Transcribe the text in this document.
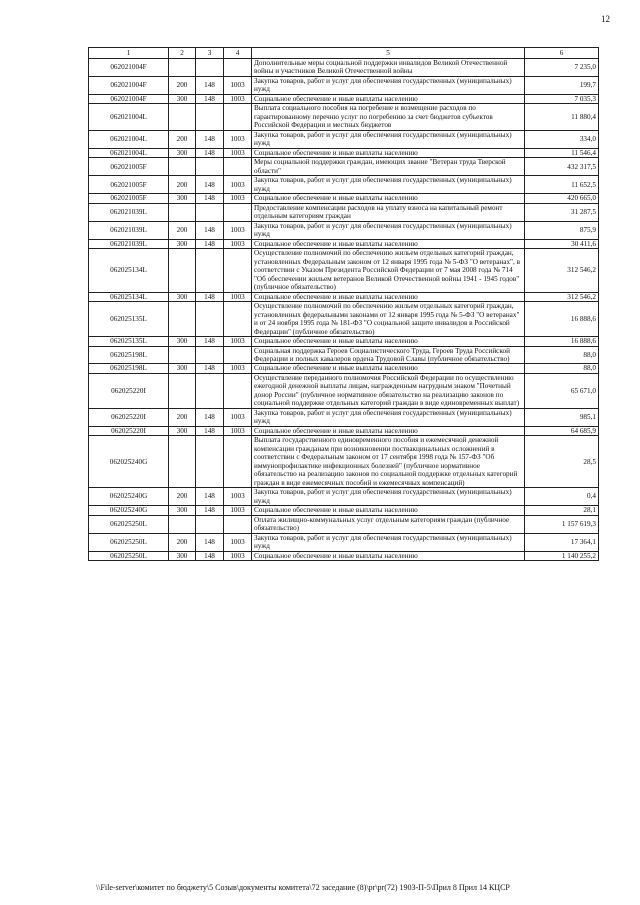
12
1	2	3	4	5	6
062021004F				Дополнительные меры социальной поддержки инвалидов Великой Отечественной войны и участников Великой Отечественной войны	7 235,0
062021004F	200	148	1003	Закупка товаров, работ и услуг для обеспечения государственных (муниципальных) нужд	199,7
062021004F	300	148	1003	Социальное обеспечение и иные выплаты населению	7 035,3
062021004L				Выплата социального пособия на погребение и возмещение расходов по гарантированному перечню услуг по погребению за счет бюджетов субъектов Российской Федерации и местных бюджетов	11 880,4
062021004L	200	148	1003	Закупка товаров, работ и услуг для обеспечения государственных (муниципальных) нужд	334,0
062021004L	300	148	1003	Социальное обеспечение и иные выплаты населению	11 546,4
062021005F				Меры социальной поддержки граждан, имеющих звание "Ветеран труда Тверской области"	432 317,5
062021005F	200	148	1003	Закупка товаров, работ и услуг для обеспечения государственных (муниципальных) нужд	11 652,5
062021005F	300	148	1003	Социальное обеспечение и иные выплаты населению	420 665,0
062021039L				Предоставление компенсации расходов на уплату взноса на капитальный ремонт отдельным категориям граждан	31 287,5
062021039L	200	148	1003	Закупка товаров, работ и услуг для обеспечения государственных (муниципальных) нужд	875,9
062021039L	300	148	1003	Социальное обеспечение и иные выплаты населению	30 411,6
062025134L				Осуществление полномочий по обеспечению жильем отдельных категорий граждан, установленных Федеральным законом от 12 января 1995 года № 5-ФЗ "О ветеранах", в соответствии с Указом Президента Российской Федерации от 7 мая 2008 года № 714 "Об обеспечении жильем ветеранов Великой Отечественной войны 1941 - 1945 годов" (публичное обязательство)	312 546,2
062025134L	300	148	1003	Социальное обеспечение и иные выплаты населению	312 546,2
062025135L				Осуществление полномочий по обеспечению жильем отдельных категорий граждан, установленных федеральными законами от 12 января 1995 года № 5-ФЗ "О ветеранах" и от 24 ноября 1995 года № 181-ФЗ "О социальной защите инвалидов в Российской Федерации" (публичное обязательство)	16 888,6
062025135L	300	148	1003	Социальное обеспечение и иные выплаты населению	16 888,6
062025198L				Социальная поддержка Героев Социалистического Труда, Героев Труда Российской Федерации и полных кавалеров ордена Трудовой Славы (публичное обязательство)	88,0
062025198L	300	148	1003	Социальное обеспечение и иные выплаты населению	88,0
062025220I				Осуществление переданного полномочия Российской Федерации по осуществлению ежегодной денежной выплаты лицам, награжденным нагрудным знаком "Почетный донор России" (публичное нормативное обязательство на реализацию законов по социальной поддержке отдельных категорий граждан в виде единовременных выплат)	65 671,0
062025220I	200	148	1003	Закупка товаров, работ и услуг для обеспечения государственных (муниципальных) нужд	985,1
062025220I	300	148	1003	Социальное обеспечение и иные выплаты населению	64 685,9
062025240G				Выплата государственного единовременного пособия и ежемесячной денежной компенсации гражданам при возникновении поствакцинальных осложнений в соответствии с Федеральным законом от 17 сентября 1998 года № 157-ФЗ "Об иммунопрофилактике инфекционных болезней" (публичное нормативное обязательство на реализацию законов по социальной поддержке отдельных категорий граждан в виде ежемесячных пособий и ежемесячных компенсаций)	28,5
062025240G	200	148	1003	Закупка товаров, работ и услуг для обеспечения государственных (муниципальных) нужд	0,4
062025240G	300	148	1003	Социальное обеспечение и иные выплаты населению	28,1
062025250L				Оплата жилищно-коммунальных услуг отдельным категориям граждан (публичное обязательство)	1 157 619,3
062025250L	200	148	1003	Закупка товаров, работ и услуг для обеспечения государственных (муниципальных) нужд	17 364,1
062025250L	300	148	1003	Социальное обеспечение и иные выплаты населению	1 140 255,2
\\File-server\комитет по бюджету\5 Созыв\документы комитета\72 заседание (8)\pr\pr(72) 1903-П-5\Прил 8 Прил 14 КЦСР
